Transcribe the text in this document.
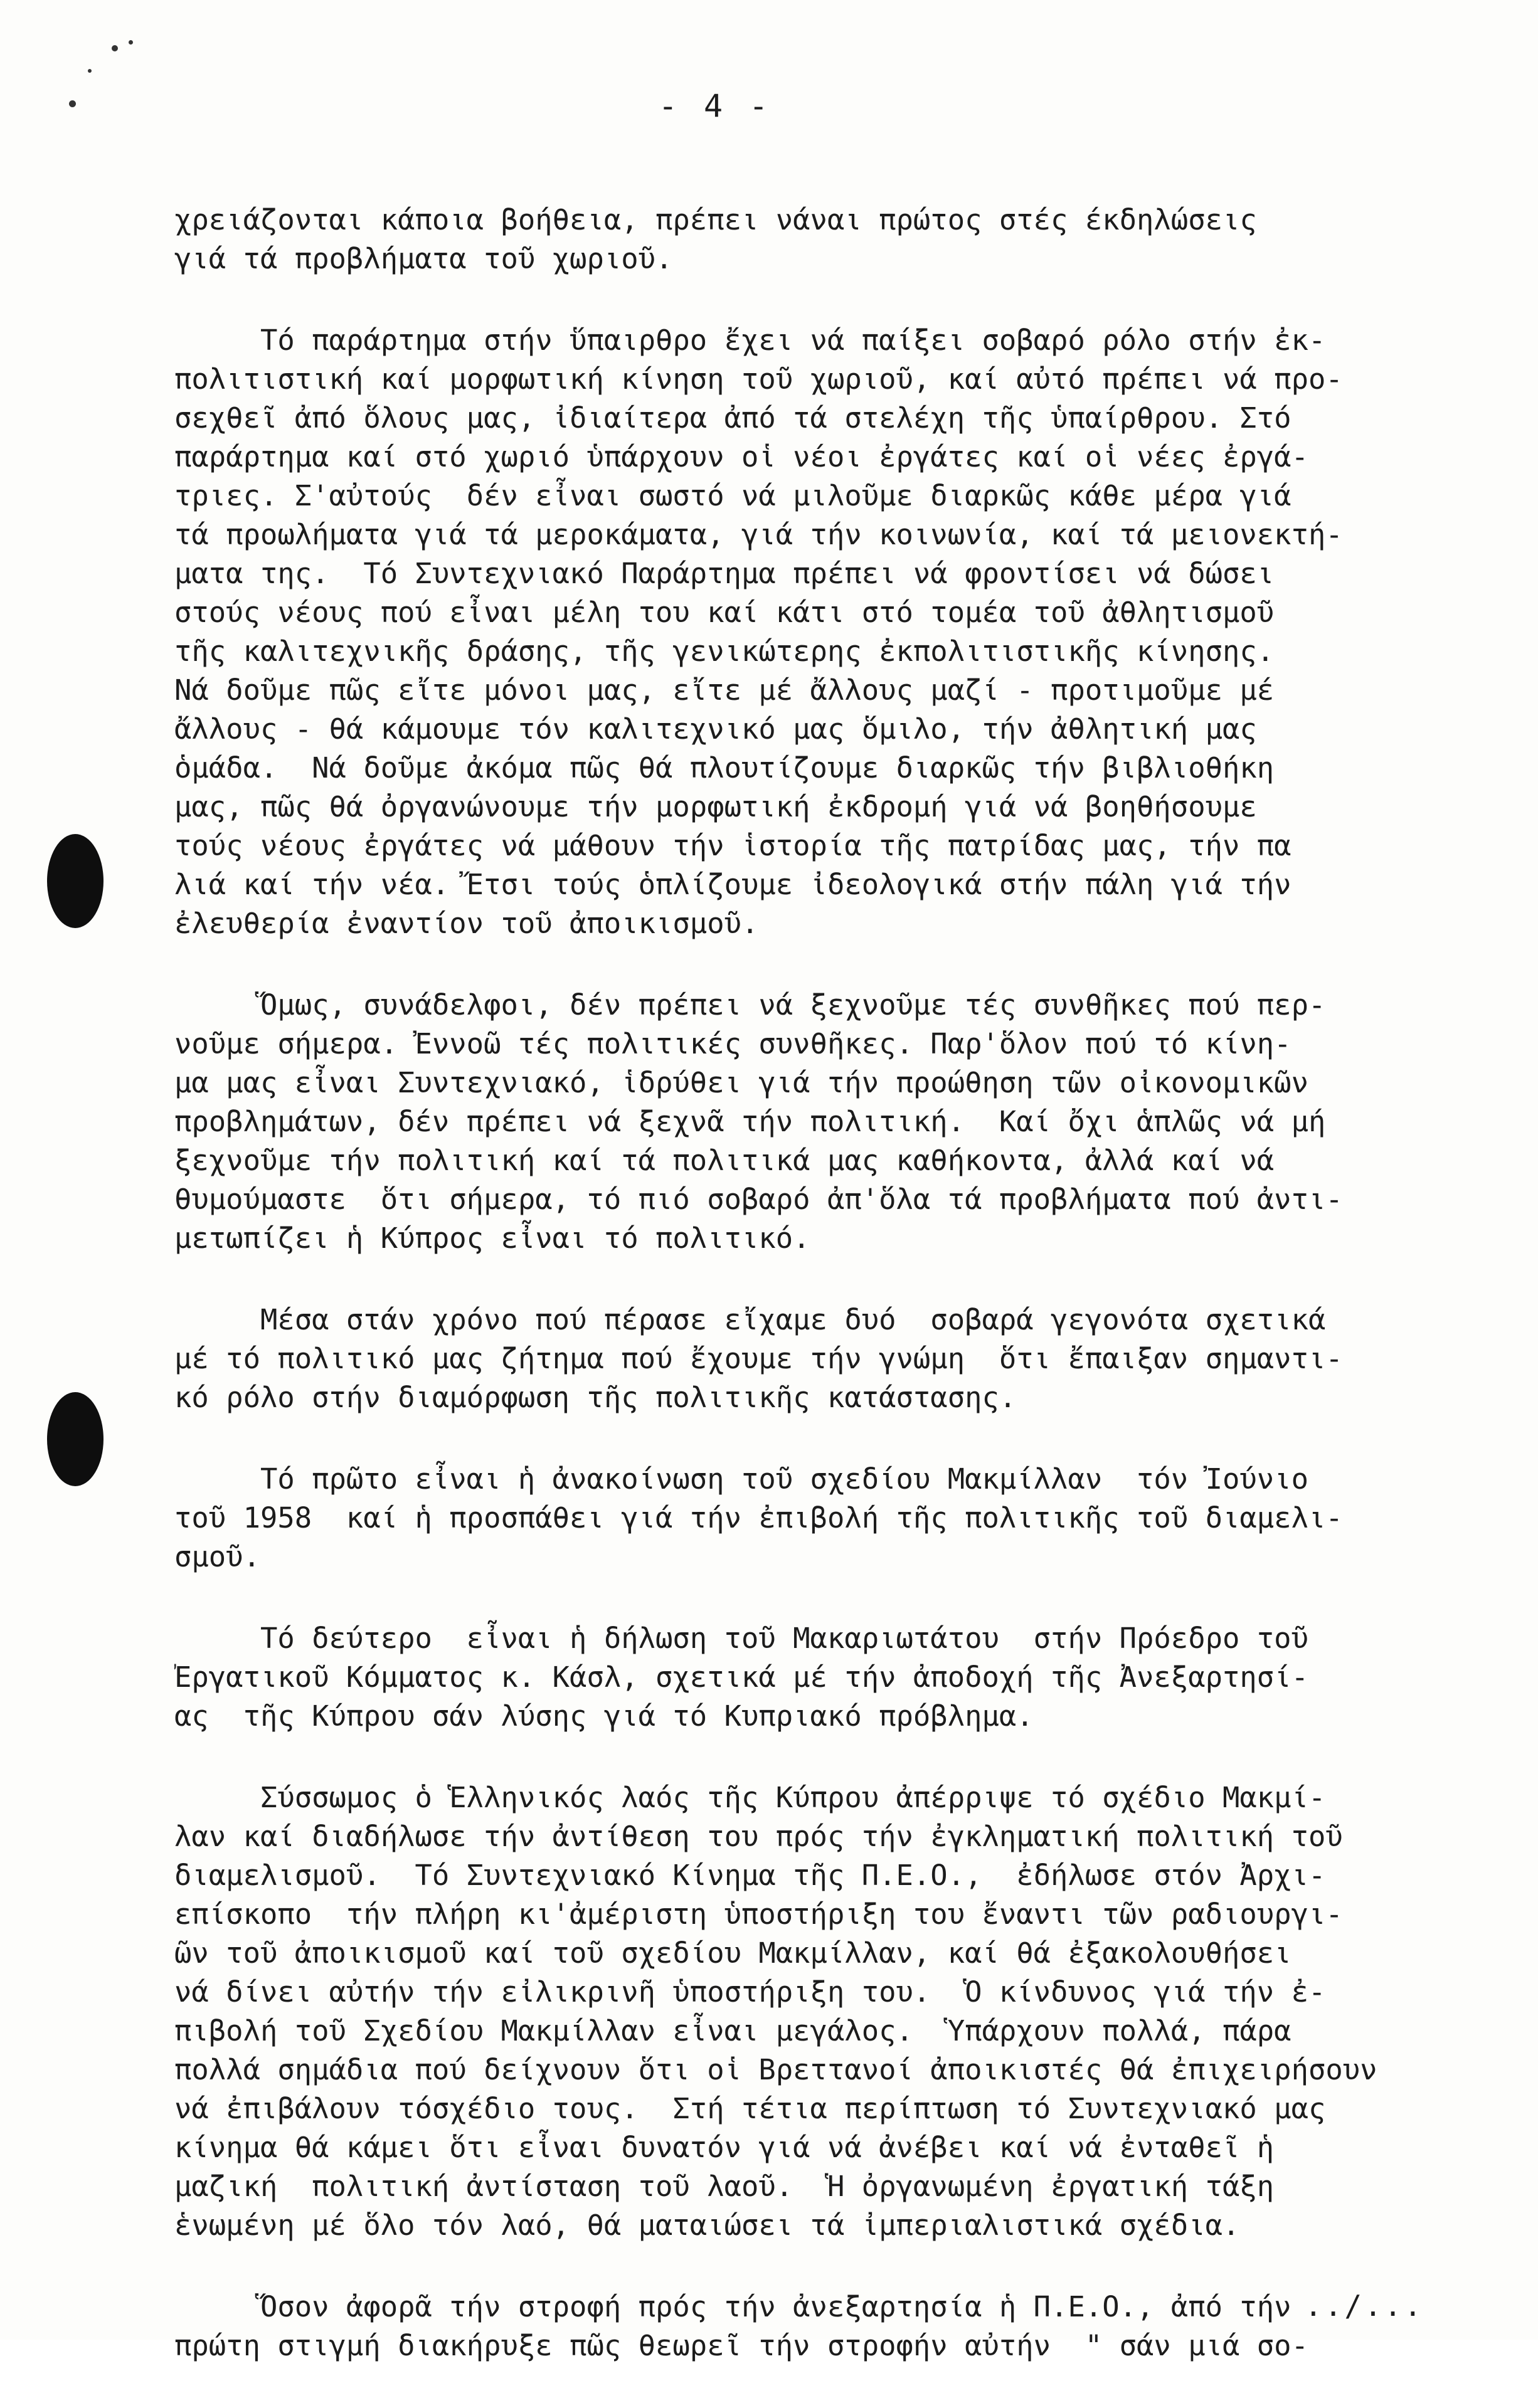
- 4 -
χρειάζονται κάποια βοήθεια, πρέπει νάναι πρώτος στές έκδηλώσεις
γιά τά προβλήματα τοῦ χωριοῦ.
Τό παράρτημα στήν ὕπαιρθρο ἔχει νά παίξει σοβαρό ρόλο στήν ἐκ-
πολιτιστική καί μορφωτική κίνηση τοῦ χωριοῦ, καί αὐτό πρέπει νά προ-
σεχθεῖ ἀπό ὅλους μας, ἰδιαίτερα ἀπό τά στελέχη τῆς ὑπαίρθρου. Στό
παράρτημα καί στό χωριό ὑπάρχουν οἱ νέοι ἐργάτες καί οἱ νέες ἐργά-
τριες. Σ'αὐτούς  δέν εἶναι σωστό νά μιλοῦμε διαρκῶς κάθε μέρα γιά
τά προωλήματα γιά τά μεροκάματα, γιά τήν κοινωνία, καί τά μειονεκτή-
ματα της.  Τό Συντεχνιακό Παράρτημα πρέπει νά φροντίσει νά δώσει
στούς νέους πού εἶναι μέλη του καί κάτι στό τομέα τοῦ ἀθλητισμοῦ
τῆς καλιτεχνικῆς δράσης, τῆς γενικώτερης ἐκπολιτιστικῆς κίνησης.
Νά δοῦμε πῶς εἴτε μόνοι μας, εἴτε μέ ἄλλους μαζί - προτιμοῦμε μέ
ἄλλους - θά κάμουμε τόν καλιτεχνικό μας ὅμιλο, τήν ἀθλητική μας
ὁμάδα.  Νά δοῦμε ἀκόμα πῶς θά πλουτίζουμε διαρκῶς τήν βιβλιοθήκη
μας, πῶς θά ὀργανώνουμε τήν μορφωτική ἐκδρομή γιά νά βοηθήσουμε
τούς νέους ἐργάτες νά μάθουν τήν ἱστορία τῆς πατρίδας μας, τήν πα
λιά καί τήν νέα. Ἔτσι τούς ὁπλίζουμε ἰδεολογικά στήν πάλη γιά τήν
ἐλευθερία ἐναντίον τοῦ ἀποικισμοῦ.
Ὅμως, συνάδελφοι, δέν πρέπει νά ξεχνοῦμε τές συνθῆκες πού περ-
νοῦμε σήμερα. Ἐννοῶ τές πολιτικές συνθῆκες. Παρ'ὅλον πού τό κίνη-
μα μας εἶναι Συντεχνιακό, ἱδρύθει γιά τήν προώθηση τῶν οἰκονομικῶν
προβλημάτων, δέν πρέπει νά ξεχνᾶ τήν πολιτική.  Καί ὄχι ἁπλῶς νά μή
ξεχνοῦμε τήν πολιτική καί τά πολιτικά μας καθήκοντα, ἀλλά καί νά
θυμούμαστε  ὅτι σήμερα, τό πιό σοβαρό ἀπ'ὅλα τά προβλήματα πού ἀντι-
μετωπίζει ἡ Κύπρος εἶναι τό πολιτικό.
Μέσα στάν χρόνο πού πέρασε εἴχαμε δυό  σοβαρά γεγονότα σχετικά
μέ τό πολιτικό μας ζήτημα πού ἔχουμε τήν γνώμη  ὅτι ἔπαιξαν σημαντι-
κό ρόλο στήν διαμόρφωση τῆς πολιτικῆς κατάστασης.
Τό πρῶτο εἶναι ἡ ἀνακοίνωση τοῦ σχεδίου Μακμίλλαν  τόν Ἰούνιο
τοῦ 1958  καί ἡ προσπάθει γιά τήν ἐπιβολή τῆς πολιτικῆς τοῦ διαμελι-
σμοῦ.
Τό δεύτερο  εἶναι ἡ δήλωση τοῦ Μακαριωτάτου  στήν Πρόεδρο τοῦ
Ἐργατικοῦ Κόμματος κ. Κάσλ, σχετικά μέ τήν ἀποδοχή τῆς Ἀνεξαρτησί-
ας  τῆς Κύπρου σάν λύσης γιά τό Κυπριακό πρόβλημα.
Σύσσωμος ὁ Ἑλληνικός λαός τῆς Κύπρου ἀπέρριψε τό σχέδιο Μακμί-
λαν καί διαδήλωσε τήν ἀντίθεση του πρός τήν ἐγκληματική πολιτική τοῦ
διαμελισμοῦ.  Τό Συντεχνιακό Κίνημα τῆς Π.Ε.Ο.,  ἐδήλωσε στόν Ἀρχι-
επίσκοπο  τήν πλήρη κι'ἀμέριστη ὑποστήριξη του ἔναντι τῶν ραδιουργι-
ῶν τοῦ ἀποικισμοῦ καί τοῦ σχεδίου Μακμίλλαν, καί θά ἐξακολουθήσει
νά δίνει αὐτήν τήν εἰλικρινῆ ὑποστήριξη του.  Ὁ κίνδυνος γιά τήν ἐ-
πιβολή τοῦ Σχεδίου Μακμίλλαν εἶναι μεγάλος.  Ὑπάρχουν πολλά, πάρα
πολλά σημάδια πού δείχνουν ὅτι οἱ Βρεττανοί ἀποικιστές θά ἐπιχειρήσουν
νά ἐπιβάλουν τόσχέδιο τους.  Στή τέτια περίπτωση τό Συντεχνιακό μας
κίνημα θά κάμει ὅτι εἶναι δυνατόν γιά νά ἀνέβει καί νά ἐνταθεῖ ἡ
μαζική  πολιτική ἀντίσταση τοῦ λαοῦ.  Ἡ ὀργανωμένη ἐργατική τάξη
ἑνωμένη μέ ὅλο τόν λαό, θά ματαιώσει τά ἰμπεριαλιστικά σχέδια.
Ὅσον ἀφορᾶ τήν στροφή πρός τήν ἀνεξαρτησία ἡ Π.Ε.Ο., ἀπό τήν
πρώτη στιγμή διακήρυξε πῶς θεωρεῖ τήν στροφήν αὐτήν  " σάν μιά σο-
../...
